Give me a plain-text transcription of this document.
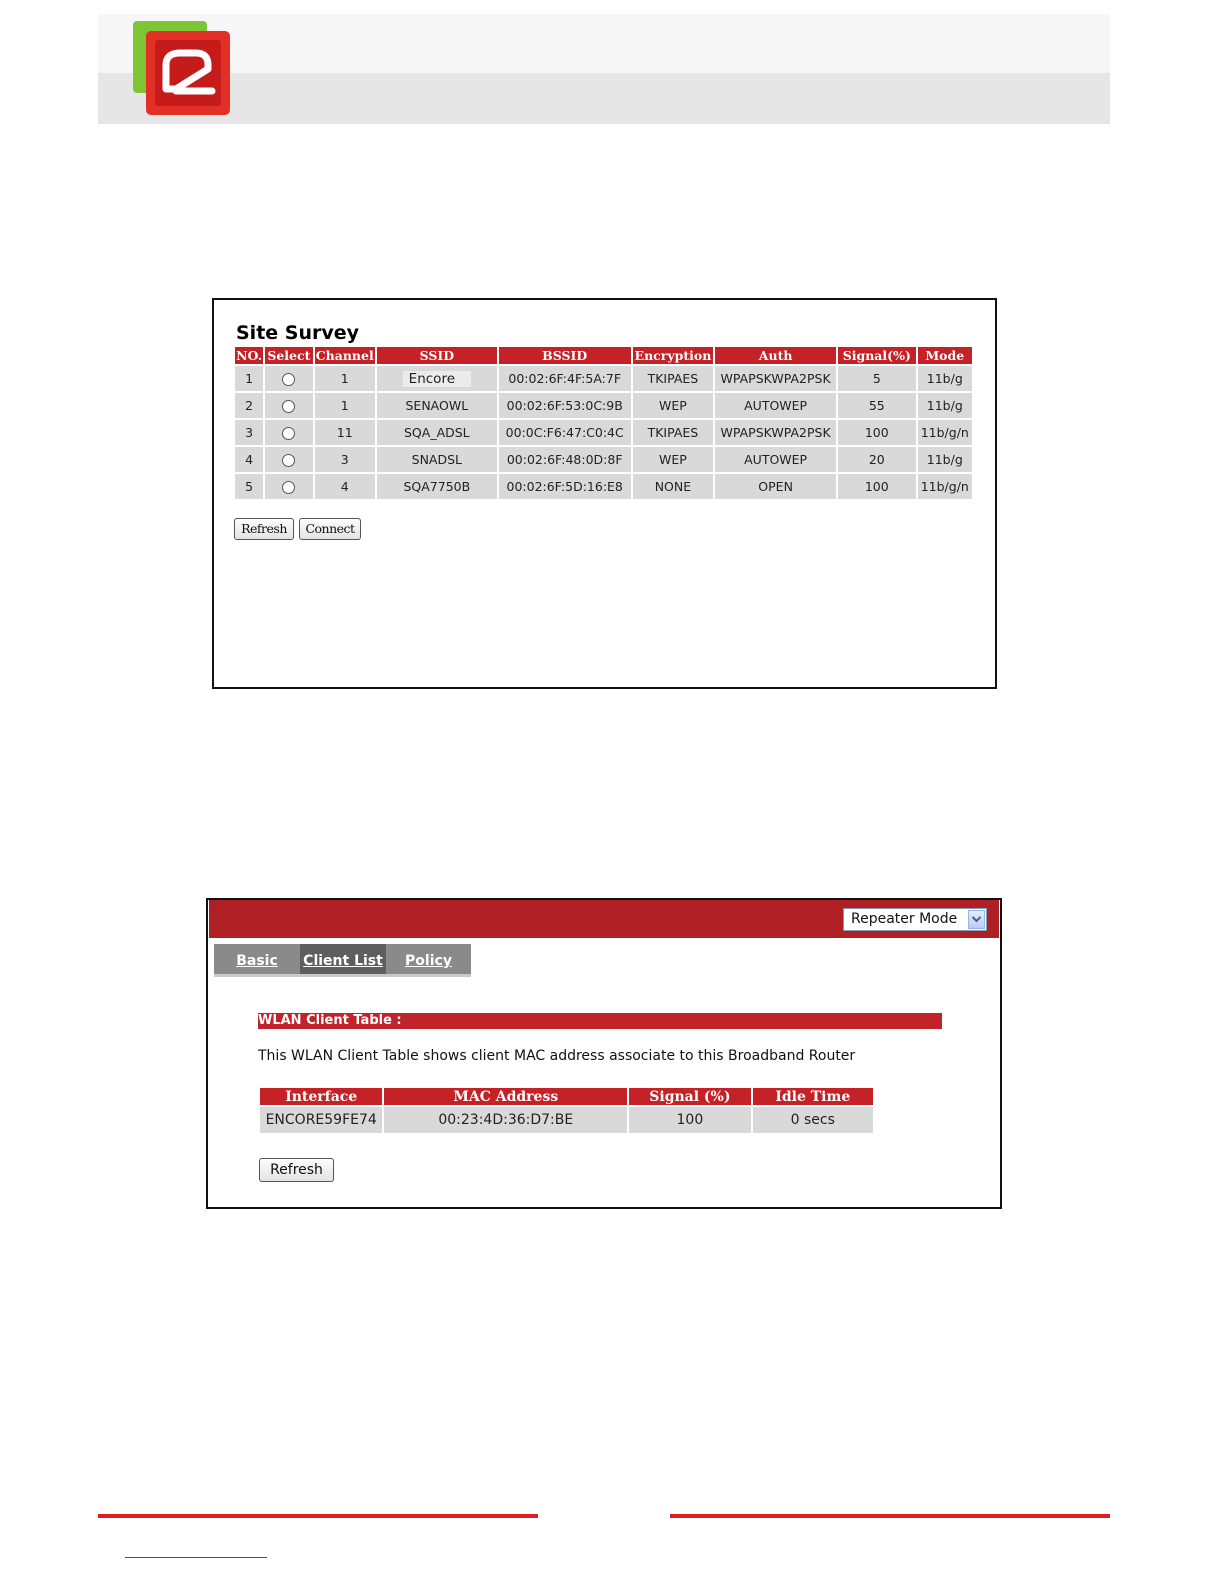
Site Survey
NO.	Select	Channel	SSID	BSSID	Encryption	Auth	Signal(%)	Mode
1		1	Encore	00:02:6F:4F:5A:7F	TKIPAES	WPAPSKWPA2PSK	5	11b/g
2		1	SENAOWL	00:02:6F:53:0C:9B	WEP	AUTOWEP	55	11b/g
3		11	SQA_ADSL	00:0C:F6:47:C0:4C	TKIPAES	WPAPSKWPA2PSK	100	11b/g/n
4		3	SNADSL	00:02:6F:48:0D:8F	WEP	AUTOWEP	20	11b/g
5		4	SQA7750B	00:02:6F:5D:16:E8	NONE	OPEN	100	11b/g/n
Refresh	Connect
Repeater Mode
Basic	Client List	Policy
WLAN Client Table :
This WLAN Client Table shows client MAC address associate to this Broadband Router
Interface	MAC Address	Signal (%)	Idle Time
ENCORE59FE74	00:23:4D:36:D7:BE	100	0 secs
Refresh
